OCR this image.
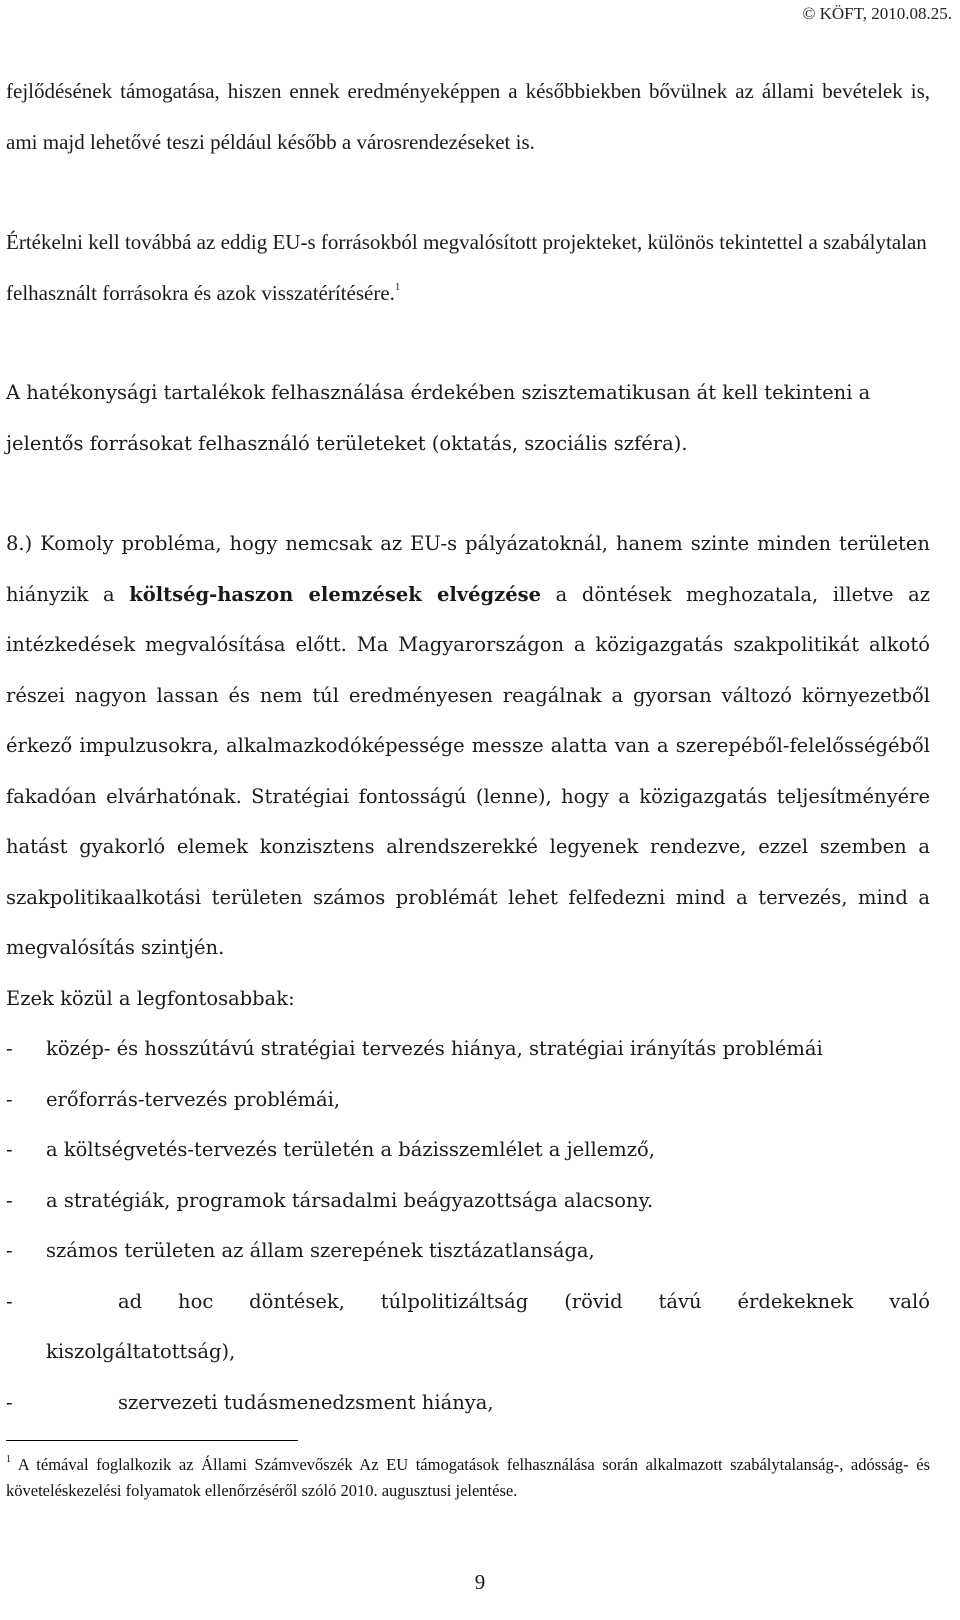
© KÖFT, 2010.08.25.

fejlődésének támogatása, hiszen ennek eredményeképpen a későbbiekben bővülnek az állami bevételek is, ami majd lehetővé teszi például később a városrendezéseket is.

Értékelni kell továbbá az eddig EU-s forrásokból megvalósított projekteket, különös tekintettel a szabálytalan felhasznált forrásokra és azok visszatérítésére.$^1$

A hatékonysági tartalékok felhasználása érdekében szisztematikusan át kell tekinteni a jelentős forrásokat felhasználó területeket (oktatás, szociális szféra).

8.) Komoly probléma, hogy nemcsak az EU-s pályázatoknál, hanem szinte minden területen hiányzik a költség-haszon elemzések elvégzése a döntések meghozatala, illetve az intézkedések megvalósítása előtt. Ma Magyarországon a közigazgatás szakpolitikát alkotó részei nagyon lassan és nem túl eredményesen reagálnak a gyorsan változó környezetből érkező impulzusokra, alkalmazkodóképessége messze alatta van a szerepéből-felelősségéből fakadóan elvárhatónak. Stratégiai fontosságú (lenne), hogy a közigazgatás teljesítményére hatást gyakorló elemek konzisztens alrendszerekké legyenek rendezve, ezzel szemben a szakpolitikaalkotási területen számos problémát lehet felfedezni mind a tervezés, mind a megvalósítás szintjén.

Ezek közül a legfontosabbak:

-	közép- és hosszútávú stratégiai tervezés hiánya, stratégiai irányítás problémái
-	erőforrás-tervezés problémái,
-	a költségvetés-tervezés területén a bázisszemlélet a jellemző,
-	a stratégiák, programok társadalmi beágyazottsága alacsony.
-	számos területen az állam szerepének tisztázatlansága,
-	ad hoc döntések, túlpolitizáltság (rövid távú érdekeknek való
kiszolgáltatottság),
-	szervezeti tudásmenedzsment hiánya,
$^1$ A témával foglalkozik az Állami Számvevőszék Az EU támogatások felhasználása során alkalmazott szabálytalanság-, adósság- és követeléskezelési folyamatok ellenőrzéséről szóló 2010. augusztusi jelentése.
9
